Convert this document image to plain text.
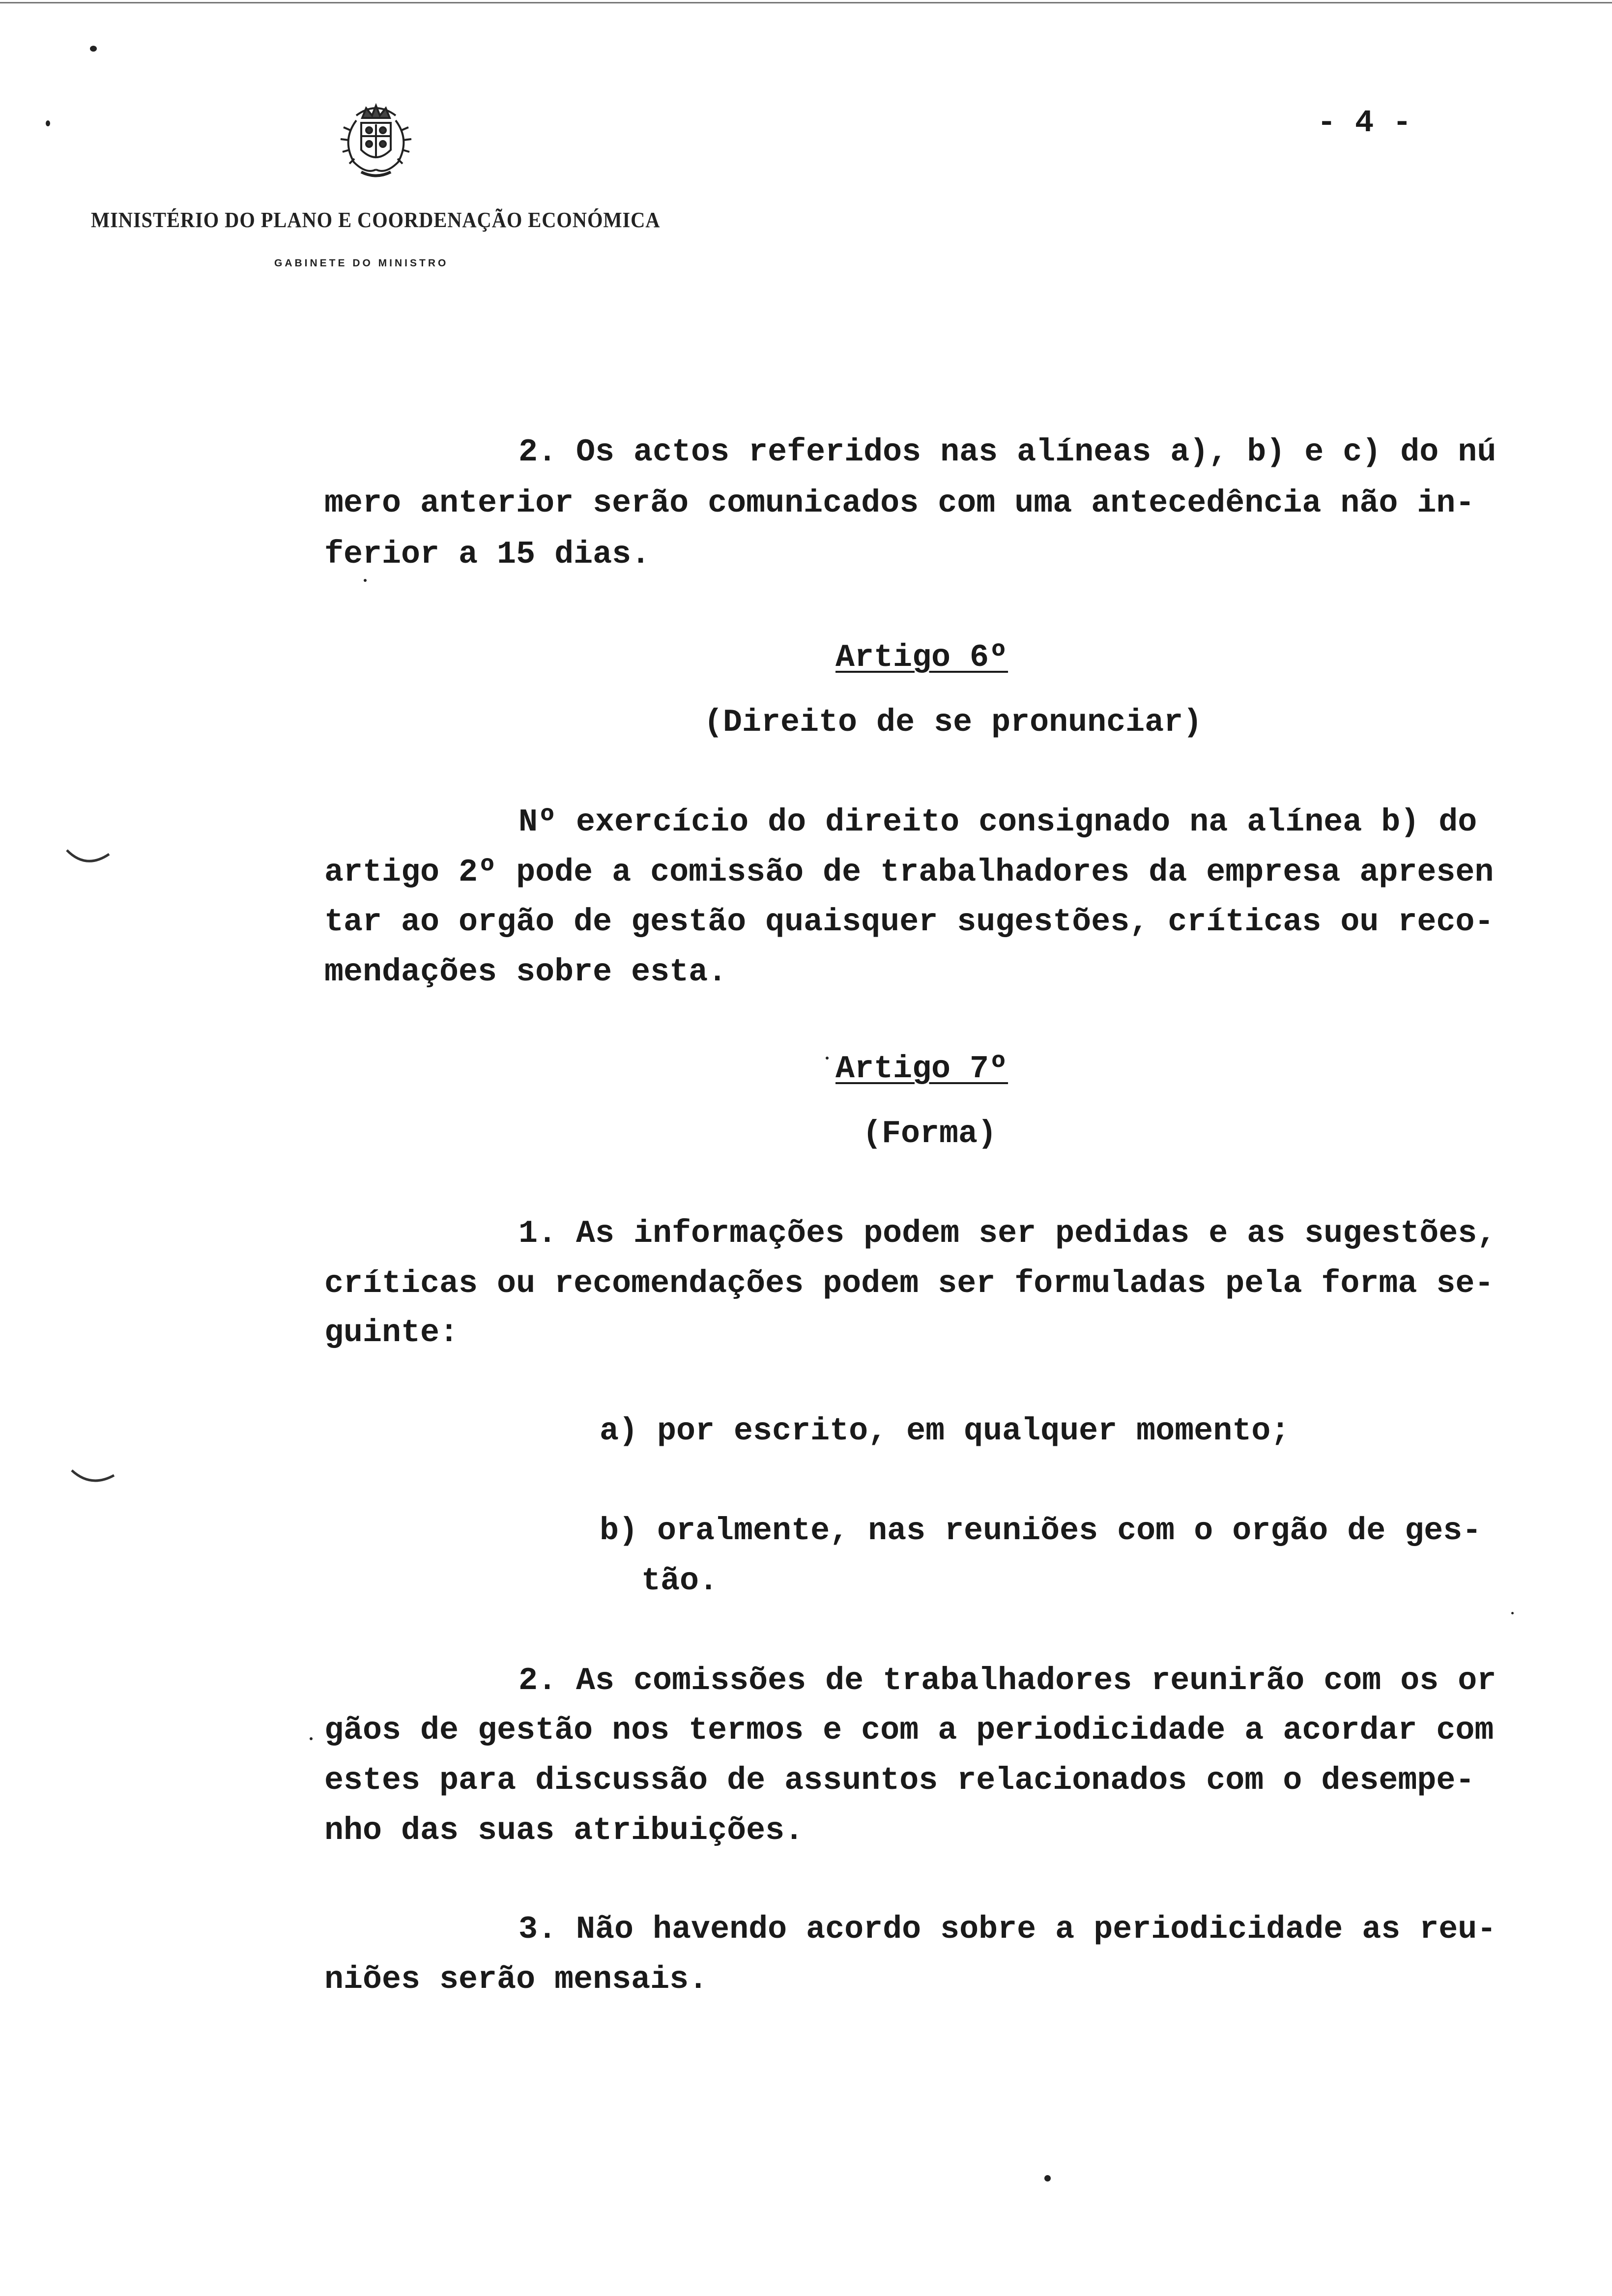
MINISTÉRIO DO PLANO E COORDENAÇÃO ECONÓMICA
GABINETE DO MINISTRO
- 4 -
2. Os actos referidos nas alíneas a), b) e c) do nú
mero anterior serão comunicados com uma antecedência não in-
ferior a 15 dias.
Artigo 6º
(Direito de se pronunciar)
Nº exercício do direito consignado na alínea b) do
artigo 2º pode a comissão de trabalhadores da empresa apresen
tar ao orgão de gestão quaisquer sugestões, críticas ou reco-
mendações sobre esta.
Artigo 7º
(Forma)
1. As informações podem ser pedidas e as sugestões,
críticas ou recomendações podem ser formuladas pela forma se-
guinte:
a) por escrito, em qualquer momento;
b) oralmente, nas reuniões com o orgão de ges-
tão.
2. As comissões de trabalhadores reunirão com os or
gãos de gestão nos termos e com a periodicidade a acordar com
estes para discussão de assuntos relacionados com o desempe-
nho das suas atribuições.
3. Não havendo acordo sobre a periodicidade as reu-
niões serão mensais.
